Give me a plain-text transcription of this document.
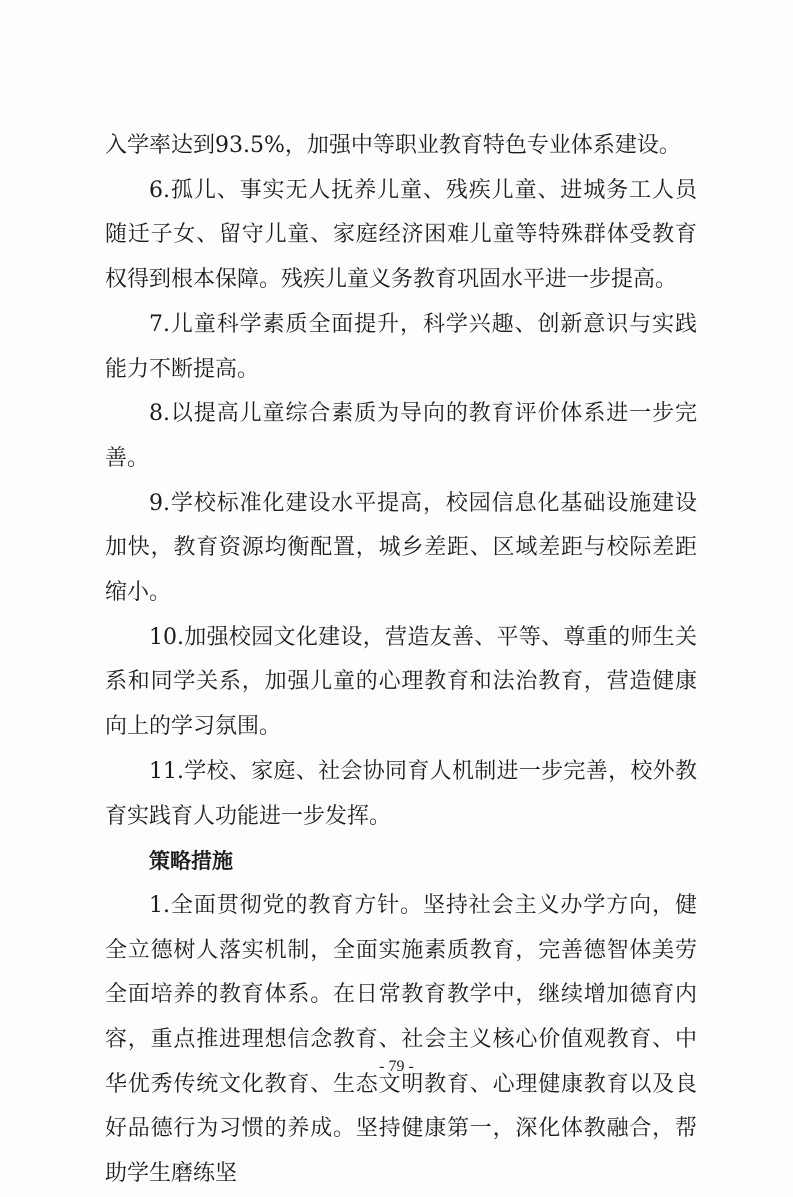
入学率达到93.5%，加强中等职业教育特色专业体系建设。

6.孤儿、事实无人抚养儿童、残疾儿童、进城务工人员随迁子女、留守儿童、家庭经济困难儿童等特殊群体受教育权得到根本保障。残疾儿童义务教育巩固水平进一步提高。

7.儿童科学素质全面提升，科学兴趣、创新意识与实践能力不断提高。

8.以提高儿童综合素质为导向的教育评价体系进一步完善。

9.学校标准化建设水平提高，校园信息化基础设施建设加快，教育资源均衡配置，城乡差距、区域差距与校际差距缩小。

10.加强校园文化建设，营造友善、平等、尊重的师生关系和同学关系，加强儿童的心理教育和法治教育，营造健康向上的学习氛围。

11.学校、家庭、社会协同育人机制进一步完善，校外教育实践育人功能进一步发挥。

策略措施

1.全面贯彻党的教育方针。坚持社会主义办学方向，健全立德树人落实机制，全面实施素质教育，完善德智体美劳全面培养的教育体系。在日常教育教学中，继续增加德育内容，重点推进理想信念教育、社会主义核心价值观教育、中华优秀传统文化教育、生态文明教育、心理健康教育以及良好品德行为习惯的养成。坚持健康第一，深化体教融合，帮助学生磨练坚

- 79 -
